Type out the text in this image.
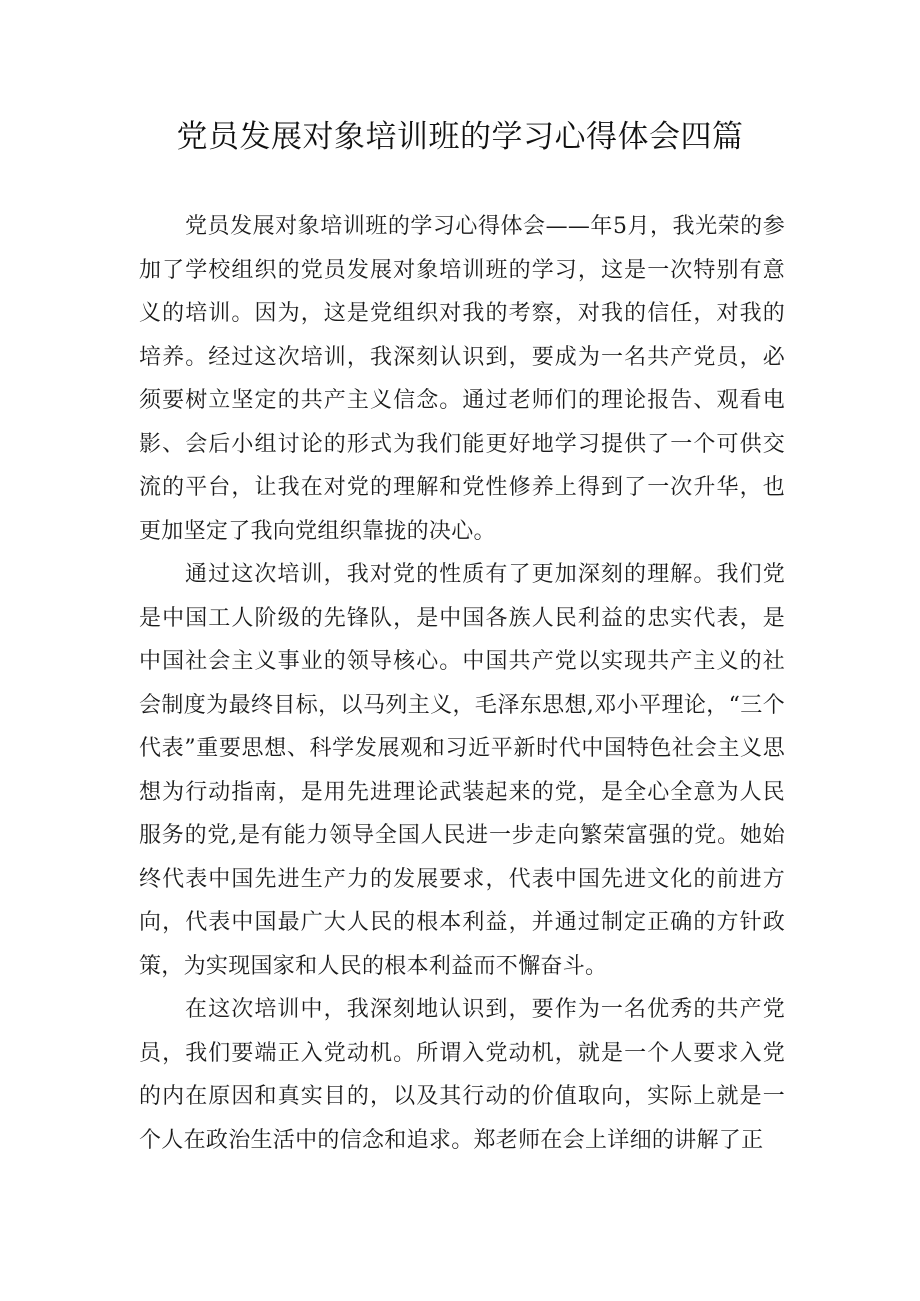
党员发展对象培训班的学习心得体会四篇

党员发展对象培训班的学习心得体会——年5月，我光荣的参加了学校组织的党员发展对象培训班的学习，这是一次特别有意义的培训。因为，这是党组织对我的考察，对我的信任，对我的培养。经过这次培训，我深刻认识到，要成为一名共产党员，必须要树立坚定的共产主义信念。通过老师们的理论报告、观看电影、会后小组讨论的形式为我们能更好地学习提供了一个可供交流的平台，让我在对党的理解和党性修养上得到了一次升华，也更加坚定了我向党组织靠拢的决心。

通过这次培训，我对党的性质有了更加深刻的理解。我们党是中国工人阶级的先锋队，是中国各族人民利益的忠实代表，是中国社会主义事业的领导核心。中国共产党以实现共产主义的社会制度为最终目标，以马列主义，毛泽东思想,邓小平理论，“三个代表”重要思想、科学发展观和习近平新时代中国特色社会主义思想为行动指南，是用先进理论武装起来的党，是全心全意为人民服务的党,是有能力领导全国人民进一步走向繁荣富强的党。她始终代表中国先进生产力的发展要求，代表中国先进文化的前进方向，代表中国最广大人民的根本利益，并通过制定正确的方针政策，为实现国家和人民的根本利益而不懈奋斗。

在这次培训中，我深刻地认识到，要作为一名优秀的共产党员，我们要端正入党动机。所谓入党动机，就是一个人要求入党的内在原因和真实目的，以及其行动的价值取向，实际上就是一个人在政治生活中的信念和追求。郑老师在会上详细的讲解了正
